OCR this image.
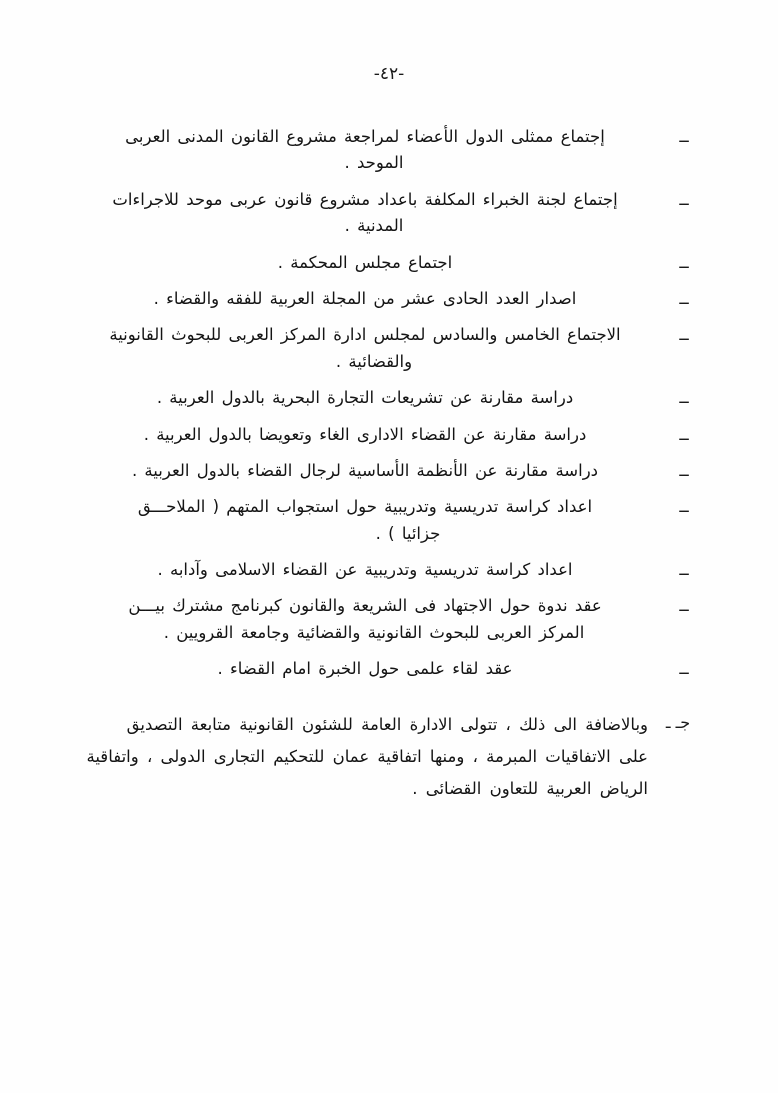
-٤٢-
ــ
إجتماع ممثلى الدول الأعضاء لمراجعة مشروع القانون المدنى العربى
الموحد .
ــ
إجتماع لجنة الخبراء المكلفة باعداد مشروع قانون عربى موحد للاجراءات
المدنية .
ــ
اجتماع مجلس المحكمة .
ــ
اصدار العدد الحادى عشر من المجلة العربية للفقه والقضاء .
ــ
الاجتماع الخامس والسادس لمجلس ادارة المركز العربى للبحوث القانونية
والقضائية .
ــ
دراسة مقارنة عن تشريعات التجارة البحرية بالدول العربية .
ــ
دراسة مقارنة عن القضاء الادارى الغاء وتعويضا بالدول العربية .
ــ
دراسة مقارنة عن الأنظمة الأساسية لرجال القضاء بالدول العربية .
ــ
اعداد كراسة تدريسية وتدريبية حول استجواب المتهم ( الملاحـــق
جزائيا ) .
ــ
اعداد كراسة تدريسية وتدريبية عن القضاء الاسلامى وآدابه .
ــ
عقد ندوة حول الاجتهاد فى الشريعة والقانون كبرنامج مشترك بيـــن
المركز العربى للبحوث القانونية والقضائية وجامعة القرويين .
ــ
عقد لقاء علمى حول الخبرة امام القضاء .
جـ ـ
وبالاضافة الى ذلك ، تتولى الادارة العامة للشئون القانونية متابعة التصديق
على الاتفاقيات المبرمة ، ومنها اتفاقية عمان للتحكيم التجارى الدولى ، واتفاقية
الرياض العربية للتعاون القضائى .
